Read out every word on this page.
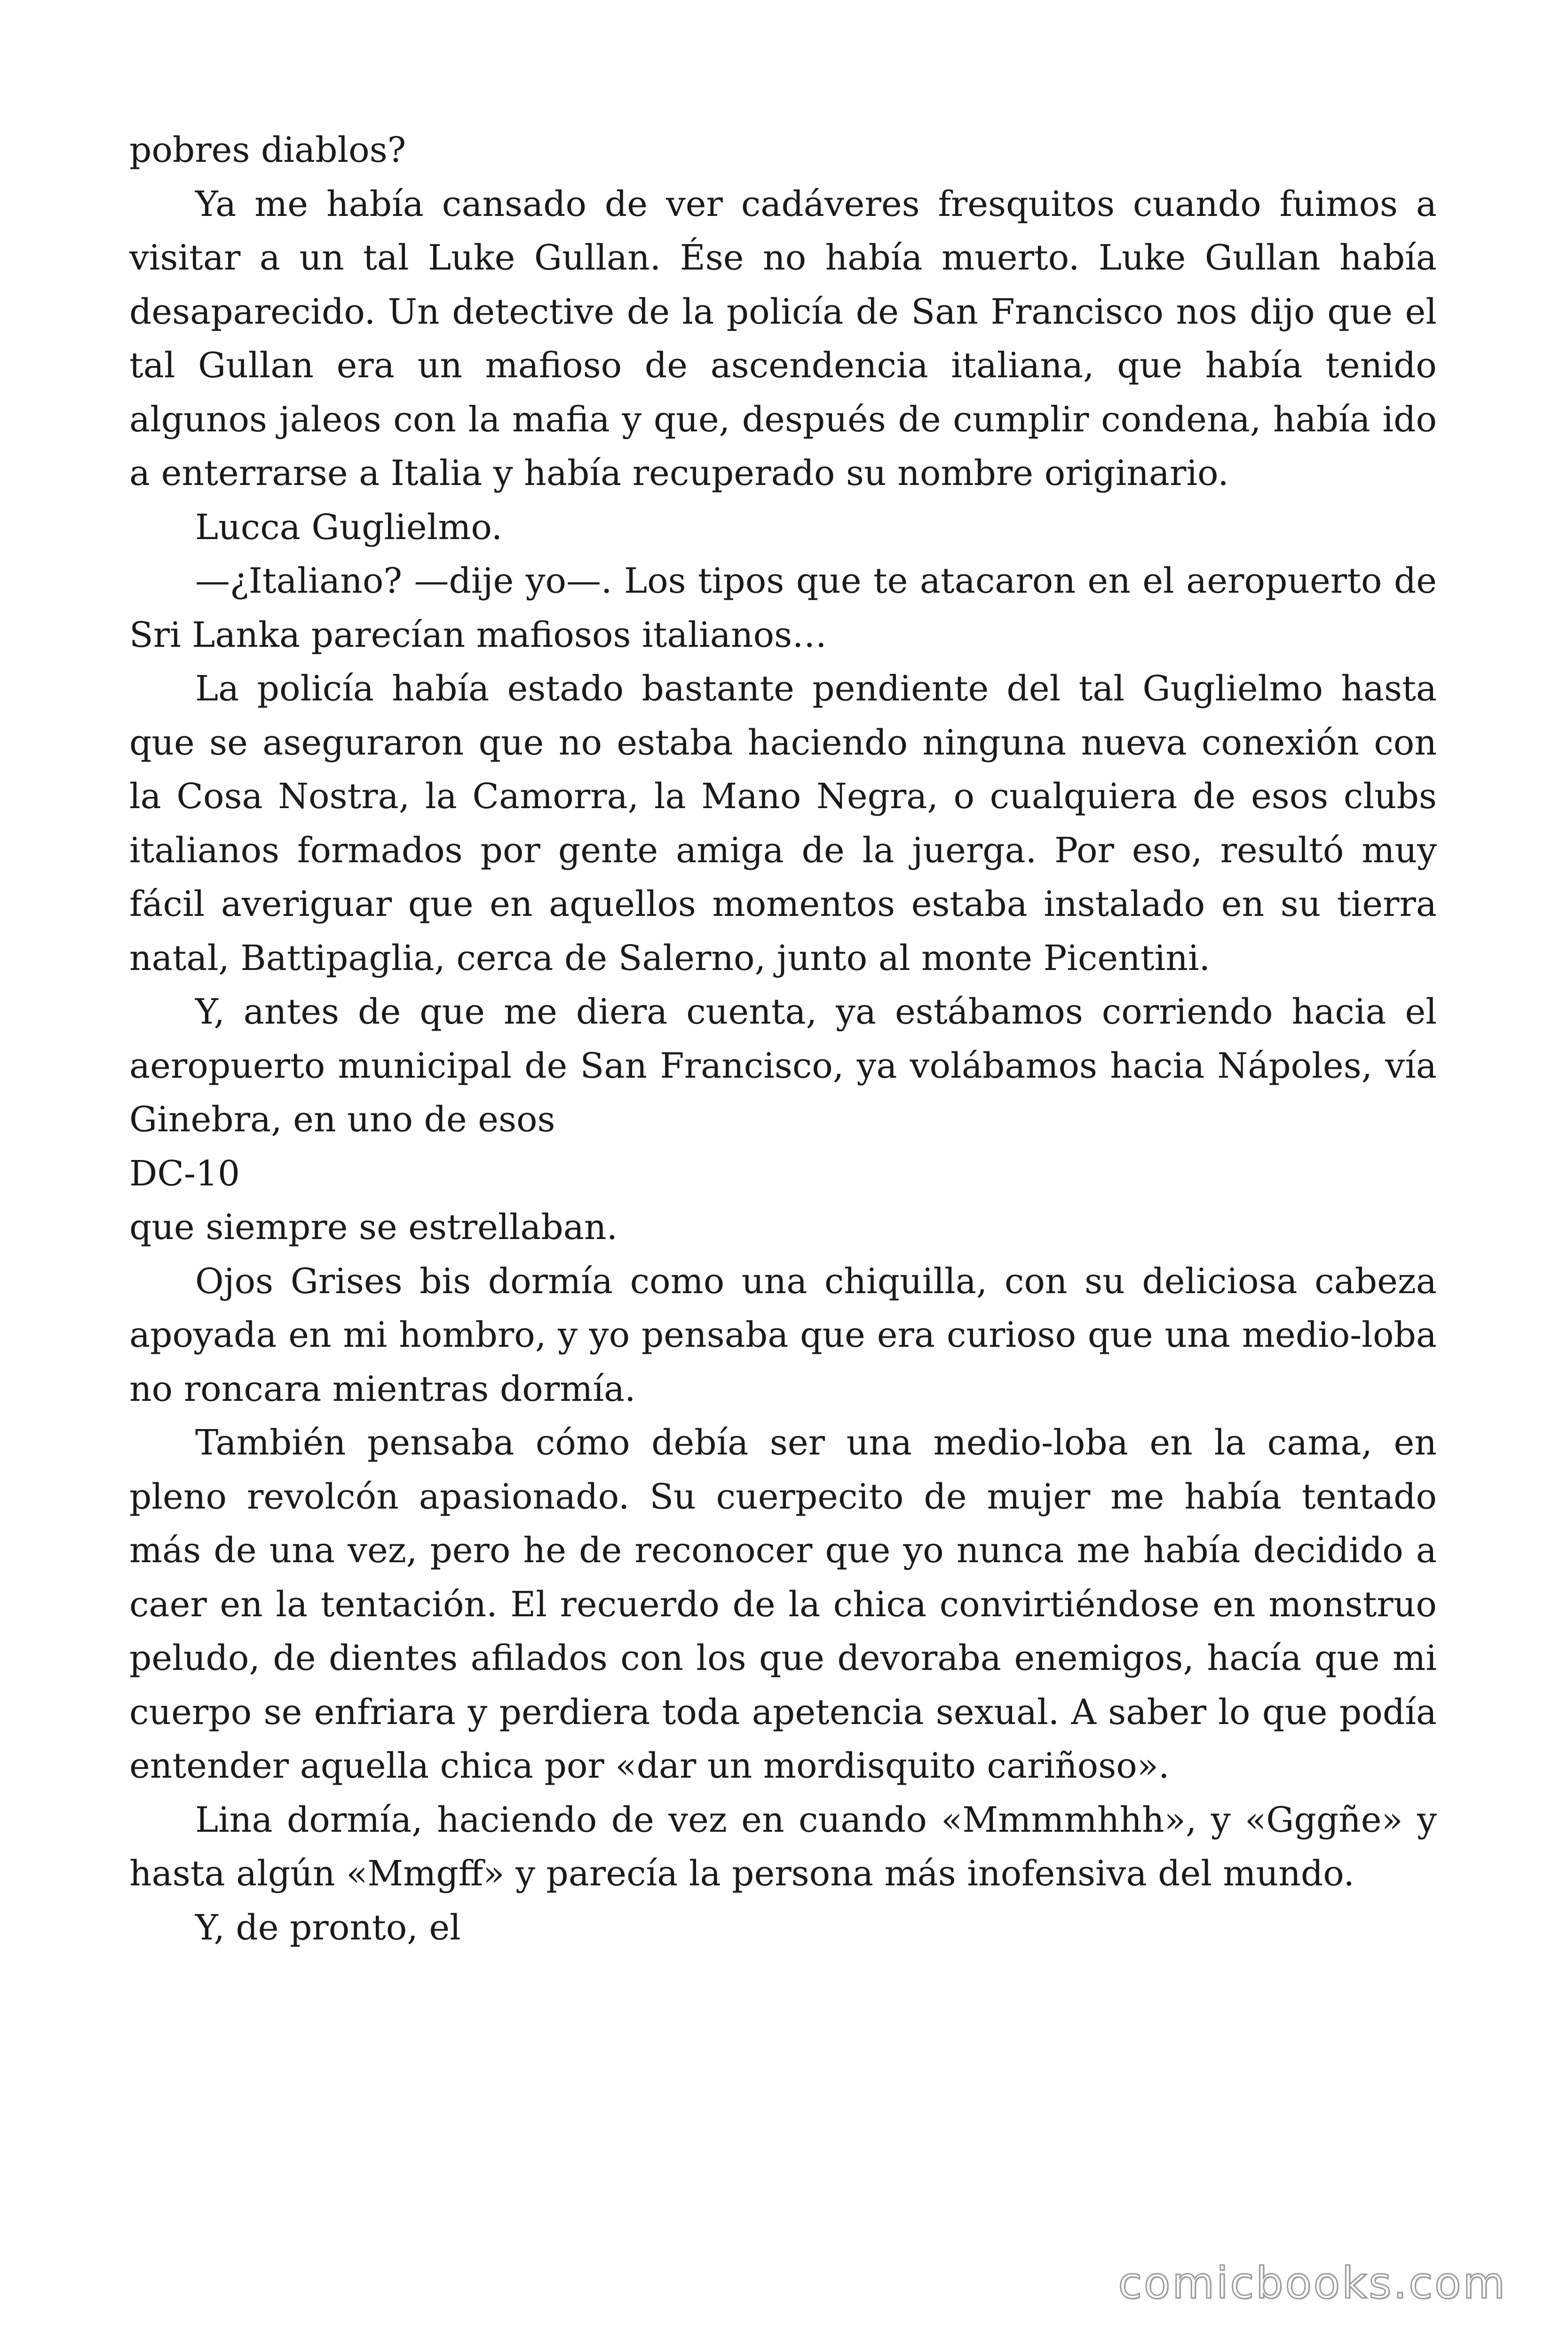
pobres diablos?

Ya me había cansado de ver cadáveres fresquitos cuando fuimos a visitar a un tal Luke Gullan. Ése no había muerto. Luke Gullan había desaparecido. Un detective de la policía de San Francisco nos dijo que el tal Gullan era un mafioso de ascendencia italiana, que había tenido algunos jaleos con la mafia y que, después de cumplir condena, había ido a enterrarse a Italia y había recuperado su nombre originario.

Lucca Guglielmo.

—¿Italiano? —dije yo—. Los tipos que te atacaron en el aeropuerto de Sri Lanka parecían mafiosos italianos…

La policía había estado bastante pendiente del tal Guglielmo hasta que se aseguraron que no estaba haciendo ninguna nueva conexión con la Cosa Nostra, la Camorra, la Mano Negra, o cualquiera de esos clubs italianos formados por gente amiga de la juerga. Por eso, resultó muy fácil averiguar que en aquellos momentos estaba instalado en su tierra natal, Battipaglia, cerca de Salerno, junto al monte Picentini.

Y, antes de que me diera cuenta, ya estábamos corriendo hacia el aeropuerto municipal de San Francisco, ya volábamos hacia Nápoles, vía Ginebra, en uno de esos

DC-10

que siempre se estrellaban.

Ojos Grises bis dormía como una chiquilla, con su deliciosa cabeza apoyada en mi hombro, y yo pensaba que era curioso que una medio-loba no roncara mientras dormía.

También pensaba cómo debía ser una medio-loba en la cama, en pleno revolcón apasionado. Su cuerpecito de mujer me había tentado más de una vez, pero he de reconocer que yo nunca me había decidido a caer en la tentación. El recuerdo de la chica convirtiéndose en monstruo peludo, de dientes afilados con los que devoraba enemigos, hacía que mi cuerpo se enfriara y perdiera toda apetencia sexual. A saber lo que podía entender aquella chica por «dar un mordisquito cariñoso».

Lina dormía, haciendo de vez en cuando «Mmmmhhh», y «Gggñe» y hasta algún «Mmgff» y parecía la persona más inofensiva del mundo.

Y, de pronto, el

comicbooks.com
